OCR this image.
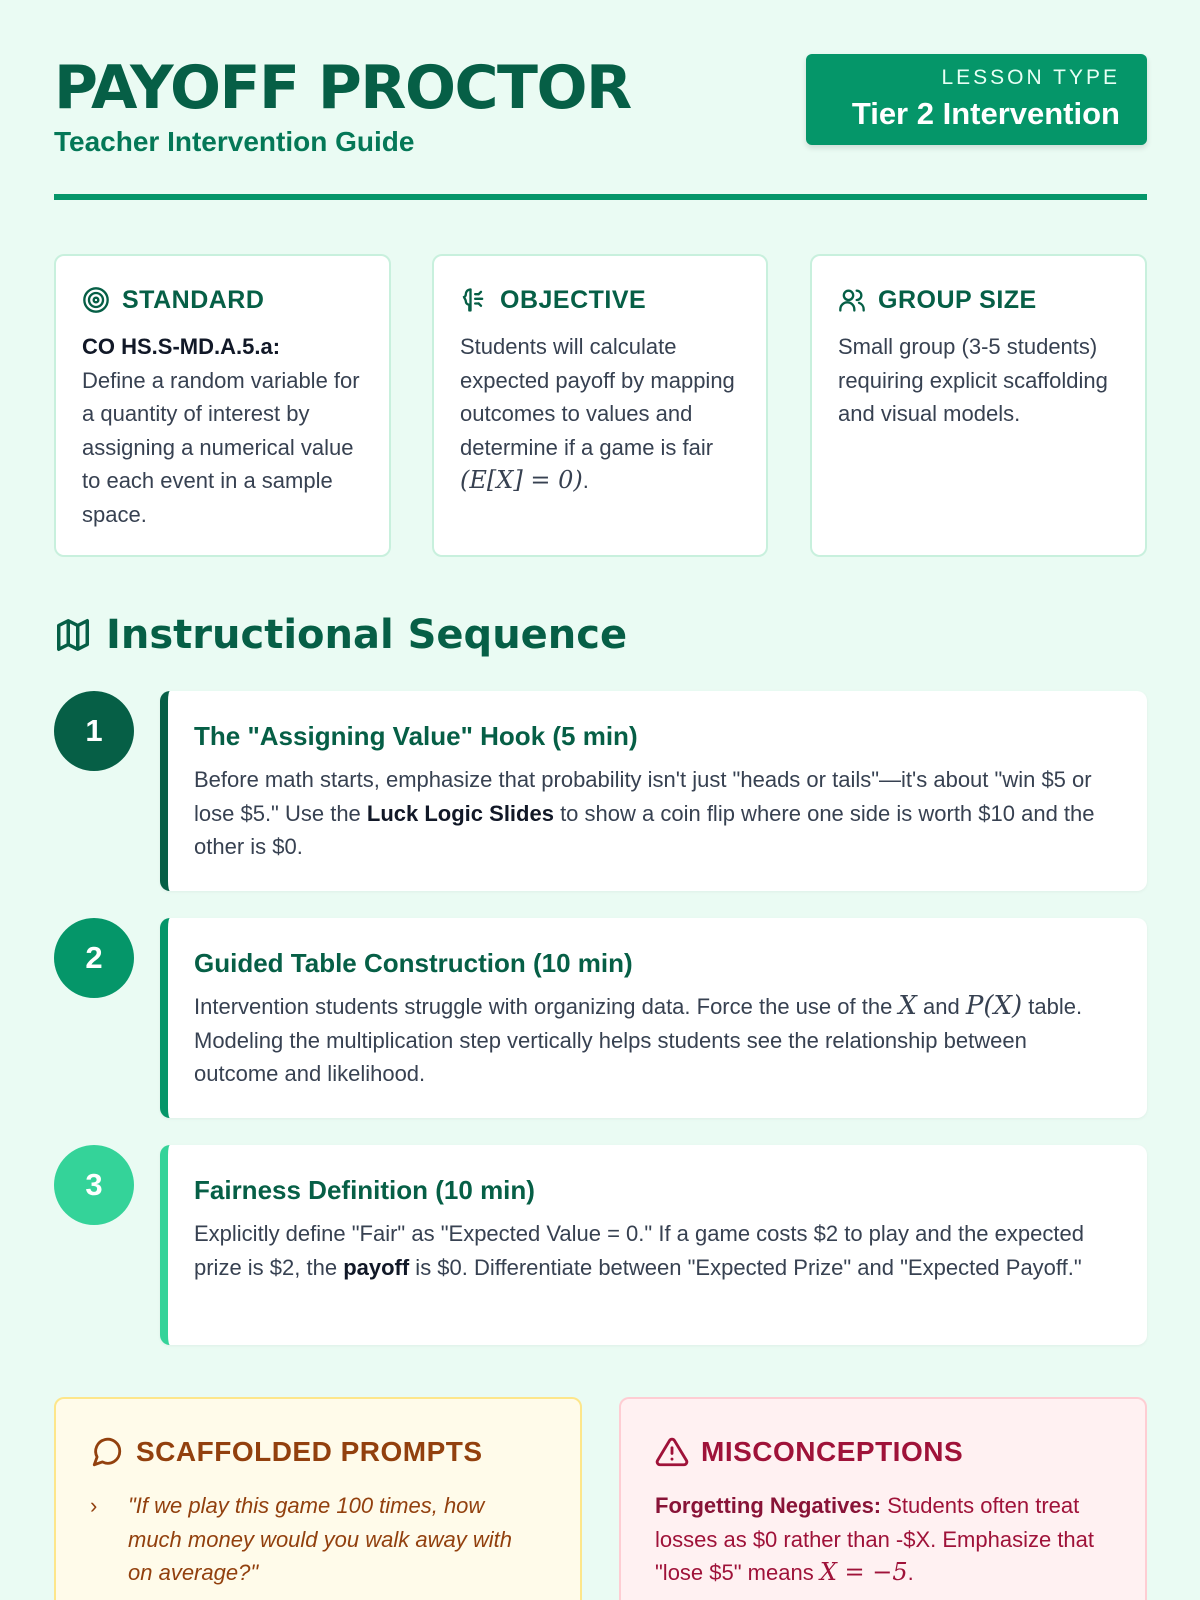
PAYOFF PROCTOR
Teacher Intervention Guide
LESSON TYPE
Tier 2 Intervention
STANDARD
CO HS.S-MD.A.5.a:
Define a random variable for a quantity of interest by assigning a numerical value to each event in a sample space.
OBJECTIVE
Students will calculate expected payoff by mapping outcomes to values and determine if a game is fair (E[X] = 0).
GROUP SIZE
Small group (3-5 students) requiring explicit scaffolding and visual models.
Instructional Sequence
1	The "Assigning Value" Hook (5 min)
Before math starts, emphasize that probability isn't just "heads or tails"—it's about "win $5 or lose $5." Use the Luck Logic Slides to show a coin flip where one side is worth $10 and the other is $0.
2	Guided Table Construction (10 min)
Intervention students struggle with organizing data. Force the use of the X and P(X) table. Modeling the multiplication step vertically helps students see the relationship between outcome and likelihood.
3	Fairness Definition (10 min)
Explicitly define "Fair" as "Expected Value = 0." If a game costs $2 to play and the expected prize is $2, the payoff is $0. Differentiate between "Expected Prize" and "Expected Payoff."
SCAFFOLDED PROMPTS
›	"If we play this game 100 times, how much money would you walk away with on average?"
MISCONCEPTIONS
Forgetting Negatives: Students often treat losses as $0 rather than -$X. Emphasize that "lose $5" means X = −5.
